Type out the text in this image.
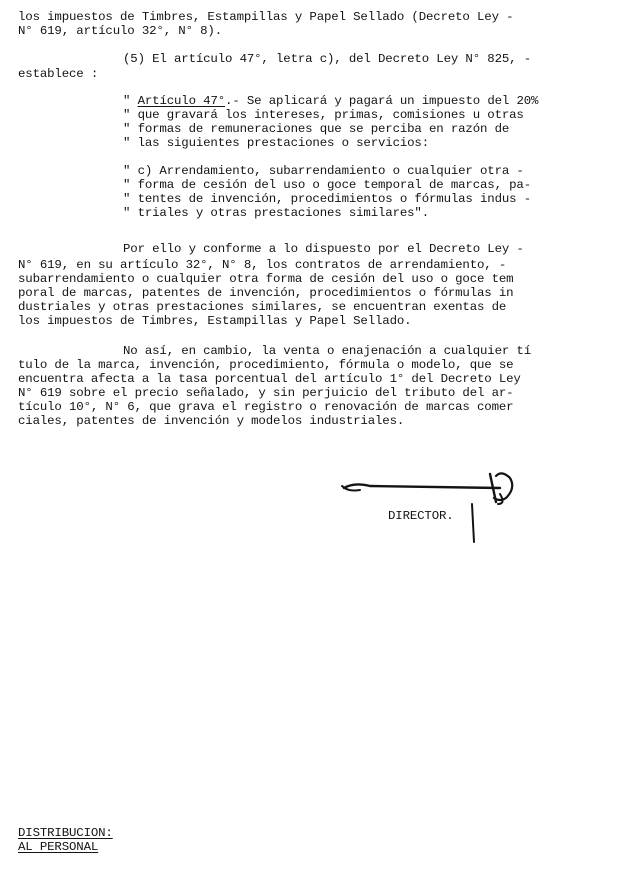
los impuestos de Timbres, Estampillas y Papel Sellado (Decreto Ley -
N° 619, artículo 32°, N° 8).
(5) El artículo 47°, letra c), del Decreto Ley N° 825, -
establece :
" Artículo 47°.- Se aplicará y pagará un impuesto del 20%
" que gravará los intereses, primas, comisiones u otras
" formas de remuneraciones que se perciba en razón de
" las siguientes prestaciones o servicios:
" c) Arrendamiento, subarrendamiento o cualquier otra -
" forma de cesión del uso o goce temporal de marcas, pa-
" tentes de invención, procedimientos o fórmulas indus -
" triales y otras prestaciones similares".
Por ello y conforme a lo dispuesto por el Decreto Ley -
N° 619, en su artículo 32°, N° 8, los contratos de arrendamiento, -
subarrendamiento o cualquier otra forma de cesión del uso o goce tem
poral de marcas, patentes de invención, procedimientos o fórmulas in
dustriales y otras prestaciones similares, se encuentran exentas de
los impuestos de Timbres, Estampillas y Papel Sellado.
No así, en cambio, la venta o enajenación a cualquier tí
tulo de la marca, invención, procedimiento, fórmula o modelo, que se
encuentra afecta a la tasa porcentual del artículo 1° del Decreto Ley
N° 619 sobre el precio señalado, y sin perjuicio del tributo del ar-
tículo 10°, N° 6, que grava el registro o renovación de marcas comer
ciales, patentes de invención y modelos industriales.
DIRECTOR.
DISTRIBUCION:
AL PERSONAL
